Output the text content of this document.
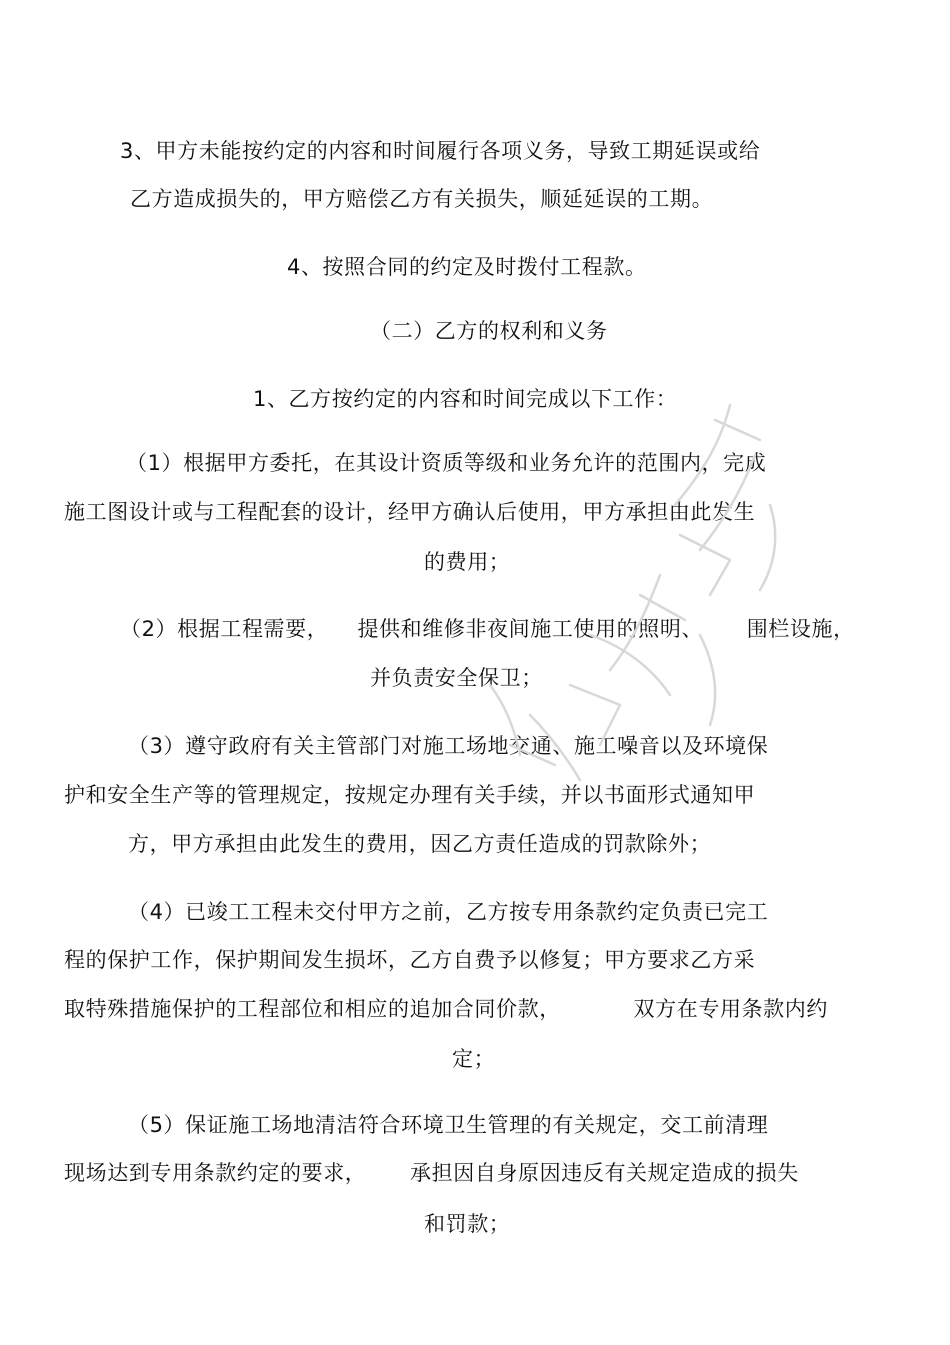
3、甲方未能按约定的内容和时间履行各项义务，导致工期延误或给
乙方造成损失的，甲方赔偿乙方有关损失，顺延延误的工期。
4、按照合同的约定及时拨付工程款。
（二）乙方的权利和义务
1、乙方按约定的内容和时间完成以下工作：
（1）根据甲方委托，在其设计资质等级和业务允许的范围内，完成
施工图设计或与工程配套的设计，经甲方确认后使用，甲方承担由此发生
的费用；
（2）根据工程需要，    提供和维修非夜间施工使用的照明、      围栏设施，
并负责安全保卫；
（3）遵守政府有关主管部门对施工场地交通、施工噪音以及环境保
护和安全生产等的管理规定，按规定办理有关手续，并以书面形式通知甲
方，甲方承担由此发生的费用，因乙方责任造成的罚款除外；
（4）已竣工工程未交付甲方之前，乙方按专用条款约定负责已完工
程的保护工作，保护期间发生损坏，乙方自费予以修复；甲方要求乙方采
取特殊措施保护的工程部位和相应的追加合同价款，          双方在专用条款内约
定；
（5）保证施工场地清洁符合环境卫生管理的有关规定，交工前清理
现场达到专用条款约定的要求，      承担因自身原因违反有关规定造成的损失
和罚款；
